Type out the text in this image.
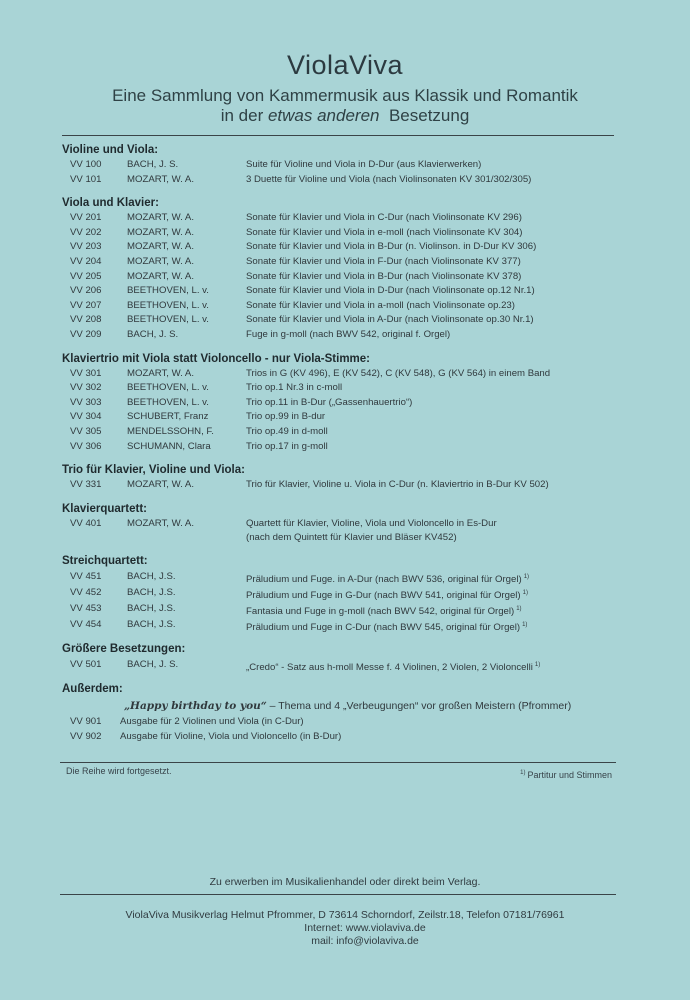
ViolaViva
Eine Sammlung von Kammermusik aus Klassik und Romantik
in der etwas anderen Besetzung
Violine und Viola:
VV 100	BACH, J. S.	Suite für Violine und Viola in D-Dur (aus Klavierwerken)
VV 101	MOZART, W. A.	3 Duette für Violine und Viola (nach Violinsonaten KV 301/302/305)
Viola und Klavier:
VV 201	MOZART, W. A.	Sonate für Klavier und Viola in C-Dur (nach Violinsonate KV 296)
VV 202	MOZART, W. A.	Sonate für Klavier und Viola in e-moll (nach Violinsonate KV 304)
VV 203	MOZART, W. A.	Sonate für Klavier und Viola in B-Dur (n. Violinson. in D-Dur KV 306)
VV 204	MOZART, W. A.	Sonate für Klavier und Viola in F-Dur (nach Violinsonate KV 377)
VV 205	MOZART, W. A.	Sonate für Klavier und Viola in B-Dur (nach Violinsonate KV 378)
VV 206	BEETHOVEN, L. v.	Sonate für Klavier und Viola in D-Dur (nach Violinsonate op.12 Nr.1)
VV 207	BEETHOVEN, L. v.	Sonate für Klavier und Viola in a-moll (nach Violinsonate op.23)
VV 208	BEETHOVEN, L. v.	Sonate für Klavier und Viola in A-Dur (nach Violinsonate op.30 Nr.1)
VV 209	BACH, J. S.	Fuge in g-moll (nach BWV 542, original f. Orgel)
Klaviertrio mit Viola statt Violoncello - nur Viola-Stimme:
VV 301	MOZART, W. A.	Trios in G (KV 496), E (KV 542), C (KV 548), G (KV 564) in einem Band
VV 302	BEETHOVEN, L. v.	Trio op.1 Nr.3 in c-moll
VV 303	BEETHOVEN, L. v.	Trio op.11 in B-Dur („Gassenhauertrio“)
VV 304	SCHUBERT, Franz	Trio op.99 in B-dur
VV 305	MENDELSSOHN, F.	Trio op.49 in d-moll
VV 306	SCHUMANN, Clara	Trio op.17 in g-moll
Trio für Klavier, Violine und Viola:
VV 331	MOZART, W. A.	Trio für Klavier, Violine u. Viola in C-Dur (n. Klaviertrio in B-Dur KV 502)
Klavierquartett:
VV 401	MOZART, W. A.	Quartett für Klavier, Violine, Viola und Violoncello in Es-Dur
(nach dem Quintett für Klavier und Bläser KV452)
Streichquartett:
VV 451	BACH, J.S.	Präludium und Fuge. in A-Dur (nach BWV 536, original für Orgel) $^{1)}$
VV 452	BACH, J.S.	Präludium und Fuge in G-Dur (nach BWV 541, original für Orgel) $^{1)}$
VV 453	BACH, J.S.	Fantasia und Fuge in g-moll (nach BWV 542, original für Orgel) $^{1)}$
VV 454	BACH, J.S.	Präludium und Fuge in C-Dur (nach BWV 545, original für Orgel) $^{1)}$
Größere Besetzungen:
VV 501	BACH, J. S.	„Credo“ - Satz aus h-moll Messe f. 4 Violinen, 2 Violen, 2 Violoncelli $^{1)}$
Außerdem:
„Happy birthday to you“ – Thema und 4 „Verbeugungen“ vor großen Meistern (Pfrommer)
VV 901	Ausgabe für 2 Violinen und Viola (in C-Dur)
VV 902	Ausgabe für Violine, Viola und Violoncello (in B-Dur)
Die Reihe wird fortgesetzt.	$^{1)}$ Partitur und Stimmen
Zu erwerben im Musikalienhandel oder direkt beim Verlag.
ViolaViva Musikverlag Helmut Pfrommer, D 73614 Schorndorf, Zeilstr.18, Telefon 07181/76961
Internet: www.violaviva.de
mail: info@violaviva.de
